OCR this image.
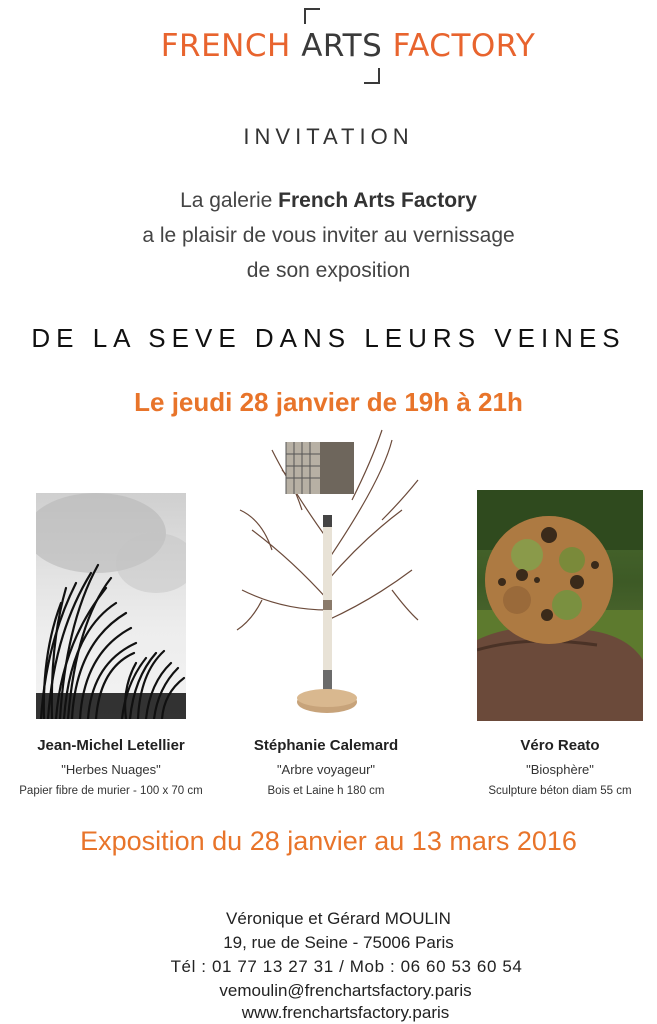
FRENCH ARTS FACTORY
INVITATION
La galerie French Arts Factory
a le plaisir de vous inviter au vernissage
de son exposition
DE LA SEVE DANS LEURS VEINES
Le jeudi 28 janvier de 19h à 21h
Jean-Michel Letellier
"Herbes Nuages"
Papier fibre de murier - 100 x 70 cm
Stéphanie Calemard
"Arbre voyageur"
Bois et Laine h 180 cm
Véro Reato
"Biosphère"
Sculpture béton diam 55 cm
Exposition du 28 janvier au 13 mars 2016
Véronique et Gérard MOULIN
19, rue de Seine - 75006 Paris
Tél : 01 77 13 27 31 / Mob : 06 60 53 60 54
vemoulin@frenchartsfactory.paris
www.frenchartsfactory.paris
